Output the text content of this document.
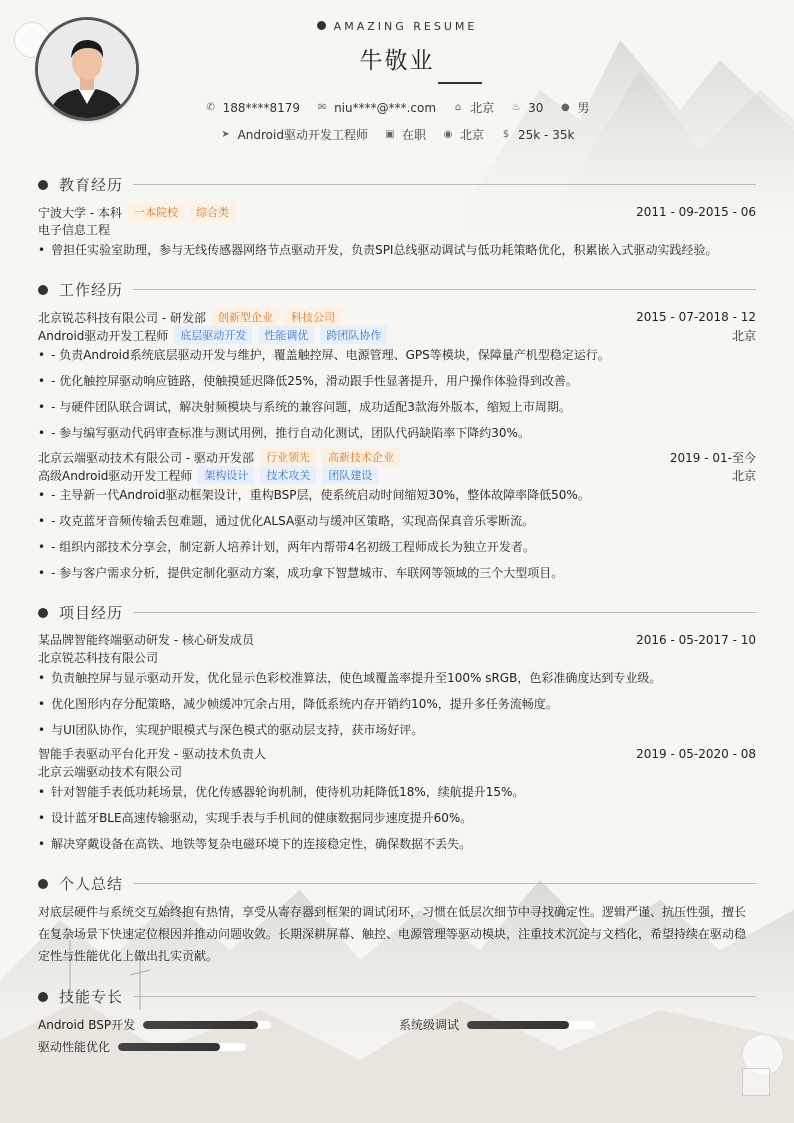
AMAZING RESUME
牛敬业
✆ 188****8179 ✉ niu****@***.com ⌂ 北京 ♨ 30 ● 男
➤ Android驱动开发工程师 ▣ 在职 ◉ 北京 $ 25k - 35k
教育经历
宁波大学 - 本科	一本院校	综合类	2011 - 09-2015 - 06
电子信息工程
• 曾担任实验室助理，参与无线传感器网络节点驱动开发，负责SPI总线驱动调试与低功耗策略优化，积累嵌入式驱动实践经验。
工作经历
北京锐芯科技有限公司 - 研发部	创新型企业	科技公司	2015 - 07-2018 - 12
Android驱动开发工程师	底层驱动开发	性能调优	跨团队协作	北京
• - 负责Android系统底层驱动开发与维护，覆盖触控屏、电源管理、GPS等模块，保障量产机型稳定运行。
• - 优化触控屏驱动响应链路，使触摸延迟降低25%，滑动跟手性显著提升，用户操作体验得到改善。
• - 与硬件团队联合调试，解决射频模块与系统的兼容问题，成功适配3款海外版本，缩短上市周期。
• - 参与编写驱动代码审查标准与测试用例，推行自动化测试，团队代码缺陷率下降约30%。
北京云端驱动技术有限公司 - 驱动开发部	行业领先	高新技术企业	2019 - 01-至今
高级Android驱动开发工程师	架构设计	技术攻关	团队建设	北京
• - 主导新一代Android驱动框架设计，重构BSP层，使系统启动时间缩短30%，整体故障率降低50%。
• - 攻克蓝牙音频传输丢包难题，通过优化ALSA驱动与缓冲区策略，实现高保真音乐零断流。
• - 组织内部技术分享会，制定新人培养计划，两年内帮带4名初级工程师成长为独立开发者。
• - 参与客户需求分析，提供定制化驱动方案，成功拿下智慧城市、车联网等领域的三个大型项目。
项目经历
某品牌智能终端驱动研发 - 核心研发成员	2016 - 05-2017 - 10
北京锐芯科技有限公司
• 负责触控屏与显示驱动开发，优化显示色彩校准算法，使色域覆盖率提升至100% sRGB，色彩准确度达到专业级。
• 优化图形内存分配策略，减少帧缓冲冗余占用，降低系统内存开销约10%，提升多任务流畅度。
• 与UI团队协作，实现护眼模式与深色模式的驱动层支持，获市场好评。
智能手表驱动平台化开发 - 驱动技术负责人	2019 - 05-2020 - 08
北京云端驱动技术有限公司
• 针对智能手表低功耗场景，优化传感器轮询机制，使待机功耗降低18%，续航提升15%。
• 设计蓝牙BLE高速传输驱动，实现手表与手机间的健康数据同步速度提升60%。
• 解决穿戴设备在高铁、地铁等复杂电磁环境下的连接稳定性，确保数据不丢失。
个人总结
对底层硬件与系统交互始终抱有热情，享受从寄存器到框架的调试闭环，习惯在低层次细节中寻找确定性。逻辑严谨、抗压性强，擅长在复杂场景下快速定位根因并推动问题收敛。长期深耕屏幕、触控、电源管理等驱动模块，注重技术沉淀与文档化，希望持续在驱动稳定性与性能优化上做出扎实贡献。
技能专长
Android BSP开发	系统级调试
驱动性能优化
